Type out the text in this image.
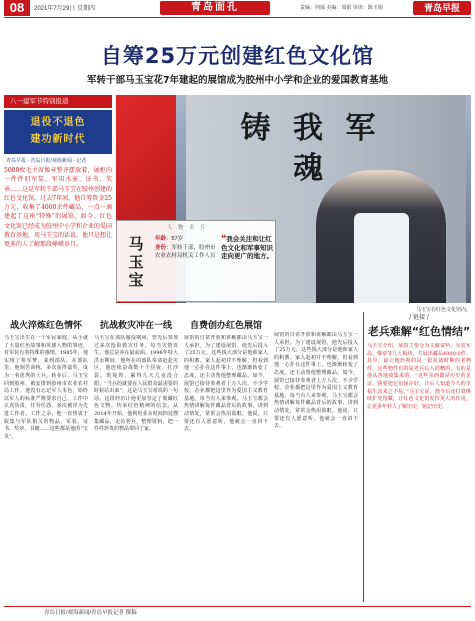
08	2021年7月29日 星期四	青岛面孔	责编：何保 美编：周娟 审读：陈玉娟	青岛早报
自筹25万元创建红色文化馆
军转干部马玉宝花7年建起的展馆成为胶州中小学和企业的爱国教育基地
八一建军节特别报道
退役不退色
建功新时代
青岛早报 · 青岛日报/观海新闻 · 记者
5000枚毛主席像章整齐摆放着，展柜内一件件旧军装、军用水壶、证书、奖章……这是军转干部马玉宝在胶州创建的红色文化馆。过去7年间，他自筹资金25万元，收集了4000余件藏品，一点一滴建起了这座“特殊”的展馆。如今，红色文化馆已经成为胶州中小学和企业的爱国教育基地，用马玉宝的话说，他只是想让更多的人了解那段峥嵘岁月。
铸 我 军 魂
人 物 名 片
马玉宝
年龄：57岁
身份：军转干部，胶州市农业农村局机关工作人员
❝我会关注和让红色文化和军事知识走向更广的地方。
马玉宝在红色文化馆内。
战火淬炼红色情怀
马玉宝出生在一个军民家庭，从小就了大量红色故事和英雄人物的事迹，对军装有着特殊的感情。1985年，他实现了参军梦，来到部队。在部队里，他刻苦训练，多次获得嘉奖，成为一名优秀的士兵。转业后，马玉宝回到胶州，被安排到胶州市农业农村局工作。他没有忘记军人本色，始终以军人的标准严格要求自己，工作中认真负责，任劳任怨，多次被评为先进工作者。工作之余，他一直热衷于收集与军队相关的物品，军装、证书、奖章、书籍……这些都是他的“宝贝”。
抗战救灾冲在一线
马玉宝在部队服役期间，曾先后参加过多次抢险救灾任务。每当灾情发生，他总是冲在最前面。1998年特大洪水期间，他所在的部队奉命赶赴灾区，他连续奋战数十个昼夜，扛沙袋、筑堤坝，累得几天几夜没合眼。“当兵的就要在人民群众最需要的时候站出来”，这是马玉宝常说的一句话。这段经历让他更加坚定了收藏红色文物、传承红色精神的信念。从2014年开始，他利用业余时间四处搜集藏品，走访老兵，整理资料，把一件件珍贵的物品带回了家。
自费创办红色展馆
展馆的日常开放和讲解都由马玉宝一人承担。为了建设展馆，他先后投入了25万元，这些钱大部分是他和家人的积蓄。家人起初并不理解，但看到他一心扑在这件事上，也渐渐转变了态度，还主动帮他整理藏品。如今，展馆已接待参观者上万人次，不少学校、企业都把这里作为爱国主义教育基地。每当有人来参观，马玉宝都会热情讲解每件藏品背后的故事，讲到动情处，常常会热泪盈眶。他说，只要还有人愿意听，他就会一直讲下去。

展馆的日常开放和讲解都由马玉宝一人承担。为了建设展馆，他先后投入了25万元，这些钱大部分是他和家人的积蓄。家人起初并不理解，但看到他一心扑在这件事上，也渐渐转变了态度，还主动帮他整理藏品。如今，展馆已接待参观者上万人次，不少学校、企业都把这里作为爱国主义教育基地。每当有人来参观，马玉宝都会热情讲解每件藏品背后的故事，讲到动情处，常常会热泪盈眶。他说，只要还有人愿意听，他就会一直讲下去。
/ 链接 /
老兵难解“红色情结”
马玉宝介绍，展馆主要分为文献资料、军装军品、像章等几大板块，共展出藏品4000余件。其中，最让他珍视的是一批抗战时期的老物件，这些物件有的是老兵后人捐赠的，有的是他从各地收集来的。“这些东西都是历史的见证，我要把它们保存好，让后人知道今天的幸福生活来之不易。”马玉宝说，他今后还打算继续扩充馆藏，让红色文化馆发挥更大的作用，让更多年轻人了解历史、铭记历史。
青岛日报/观海新闻/青岛早报记者 撰稿
